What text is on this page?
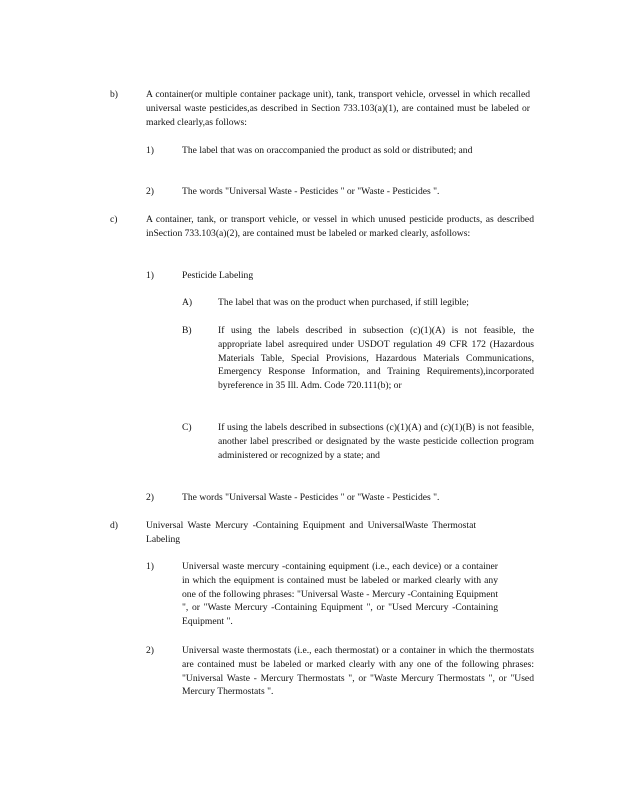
b)	A container(or multiple container package unit), tank, transport vehicle, orvessel in which recalled universal waste pesticides,as described in Section 733.103(a)(1), are contained must be labeled or marked clearly,as follows:
1)	The label that was on oraccompanied the product as sold or distributed; and
2)	The words "Universal Waste - Pesticides " or "Waste - Pesticides ".
c)	A container, tank, or transport vehicle, or vessel in which unused pesticide products, as described inSection 733.103(a)(2), are contained must be labeled or marked clearly, asfollows:
1)	Pesticide Labeling
A)	The label that was on the product when purchased, if still legible;
B)	If using the labels described in subsection (c)(1)(A) is not feasible, the appropriate label asrequired under USDOT regulation 49 CFR 172 (Hazardous Materials Table, Special Provisions, Hazardous Materials Communications, Emergency Response Information, and Training Requirements),incorporated byreference in 35 Ill. Adm. Code 720.111(b); or
C)	If using the labels described in subsections (c)(1)(A) and (c)(1)(B) is not feasible, another label prescribed or designated by the waste pesticide collection program administered or recognized by a state; and
2)	The words "Universal Waste - Pesticides " or "Waste - Pesticides ".
d)	Universal Waste Mercury -Containing Equipment and UniversalWaste Thermostat Labeling
1)	Universal waste mercury -containing equipment (i.e., each device) or a container in which the equipment is contained must be labeled or marked clearly with any one of the following phrases: "Universal Waste - Mercury -Containing Equipment ", or "Waste Mercury -Containing Equipment ", or "Used Mercury -Containing Equipment ".
2)	Universal waste thermostats (i.e., each thermostat) or a container in which the thermostats are contained must be labeled or marked clearly with any one of the following phrases: "Universal Waste - Mercury Thermostats ", or "Waste Mercury Thermostats ", or "Used Mercury Thermostats ".
